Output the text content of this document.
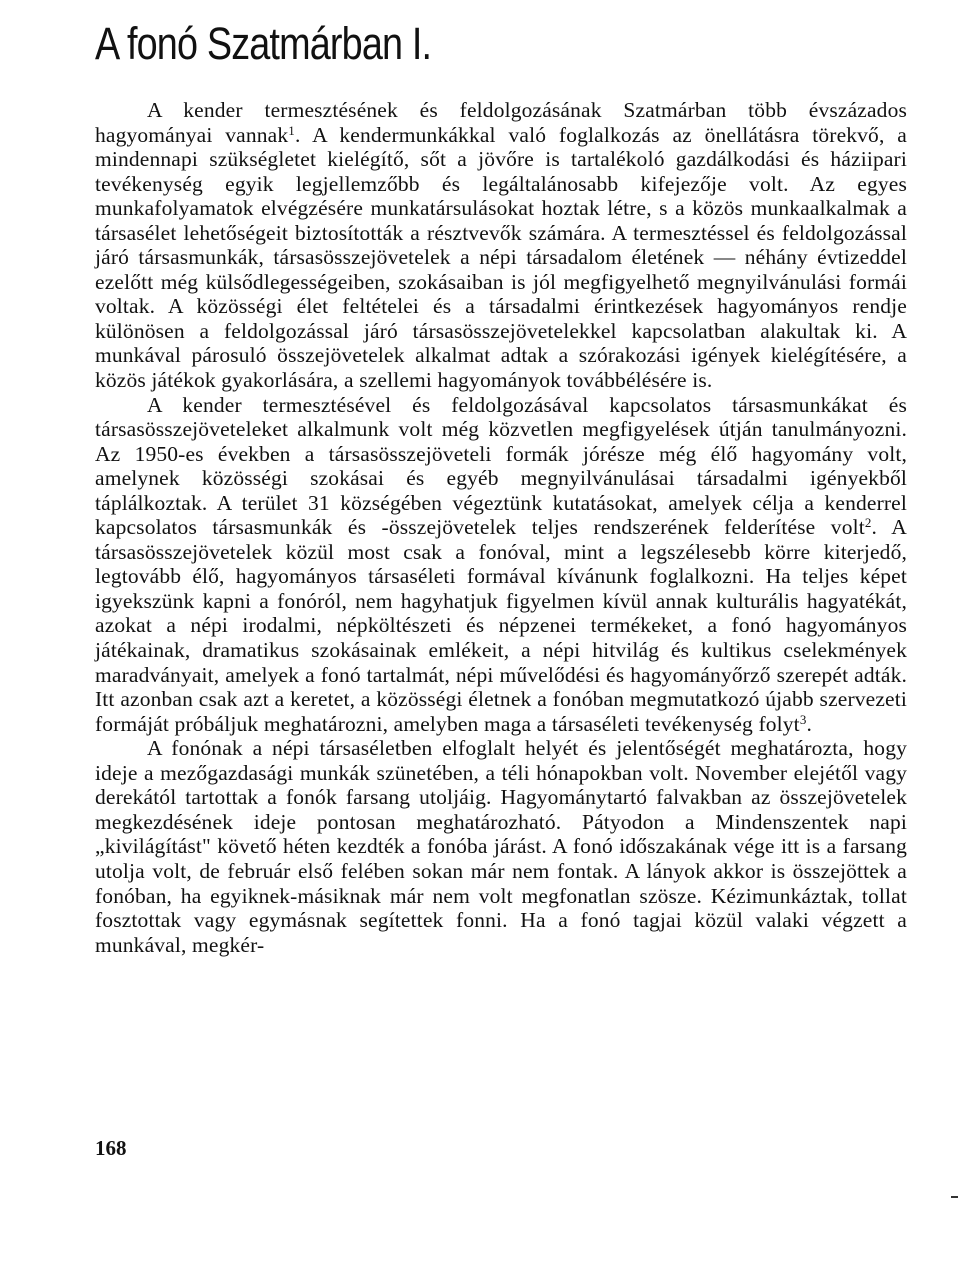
A fonó Szatmárban I.

A kender termesztésének és feldolgozásának Szatmárban több évszázados hagyományai vannak$^1$. A kendermunkákkal való foglalkozás az önellátásra törekvő, a mindennapi szükségletet kielégítő, sőt a jövőre is tartalékoló gazdálkodási és háziipari tevékenység egyik legjellemzőbb és legáltalánosabb kifejezője volt. Az egyes munkafolyamatok elvégzésére munkatársulásokat hoztak létre, s a közös munkaalkalmak a társasélet lehetőségeit biztosították a résztvevők számára. A termesztéssel és feldolgozással járó társasmunkák, társasösszejövetelek a népi társadalom életének — néhány évtizeddel ezelőtt még külsődlegességeiben, szokásaiban is jól megfigyelhető megnyilvánulási formái voltak. A közösségi élet feltételei és a társadalmi érintkezések hagyományos rendje különösen a feldolgozással járó társasösszejövetelekkel kapcsolatban alakultak ki. A munkával párosuló összejövetelek alkalmat adtak a szórakozási igények kielégítésére, a közös játékok gyakorlására, a szellemi hagyományok továbbélésére is.

A kender termesztésével és feldolgozásával kapcsolatos társasmunkákat és társasösszejöveteleket alkalmunk volt még közvetlen megfigyelések útján tanulmányozni. Az 1950-es években a társasösszejöveteli formák jórésze még élő hagyomány volt, amelynek közösségi szokásai és egyéb megnyilvánulásai társadalmi igényekből táplálkoztak. A terület 31 községében végeztünk kutatásokat, amelyek célja a kenderrel kapcsolatos társasmunkák és -összejövetelek teljes rendszerének felderítése volt$^2$. A társasösszejövetelek közül most csak a fonóval, mint a legszélesebb körre kiterjedő, legtovább élő, hagyományos társaséleti formával kívánunk foglalkozni. Ha teljes képet igyekszünk kapni a fonóról, nem hagyhatjuk figyelmen kívül annak kulturális hagyatékát, azokat a népi irodalmi, népköltészeti és népzenei termékeket, a fonó hagyományos játékainak, dramatikus szokásainak emlékeit, a népi hitvilág és kultikus cselekmények maradványait, amelyek a fonó tartalmát, népi művelődési és hagyományőrző szerepét adták. Itt azonban csak azt a keretet, a közösségi életnek a fonóban megmutatkozó újabb szervezeti formáját próbáljuk meghatározni, amelyben maga a társaséleti tevékenység folyt$^3$.

A fonónak a népi társaséletben elfoglalt helyét és jelentőségét meghatározta, hogy ideje a mezőgazdasági munkák szünetében, a téli hónapokban volt. November elejétől vagy derekától tartottak a fonók farsang utoljáig. Hagyománytartó falvakban az összejövetelek megkezdésének ideje pontosan meghatározható. Pátyodon a Mindenszentek napi „kivilágítást" követő héten kezdték a fonóba járást. A fonó időszakának vége itt is a farsang utolja volt, de február első felében sokan már nem fontak. A lányok akkor is összejöttek a fonóban, ha egyiknek-másiknak már nem volt megfonatlan szöszе. Kézimunkáztak, tollat fosztottak vagy egymásnak segítettek fonni. Ha a fonó tagjai közül valaki végzett a munkával, megkér-

168
